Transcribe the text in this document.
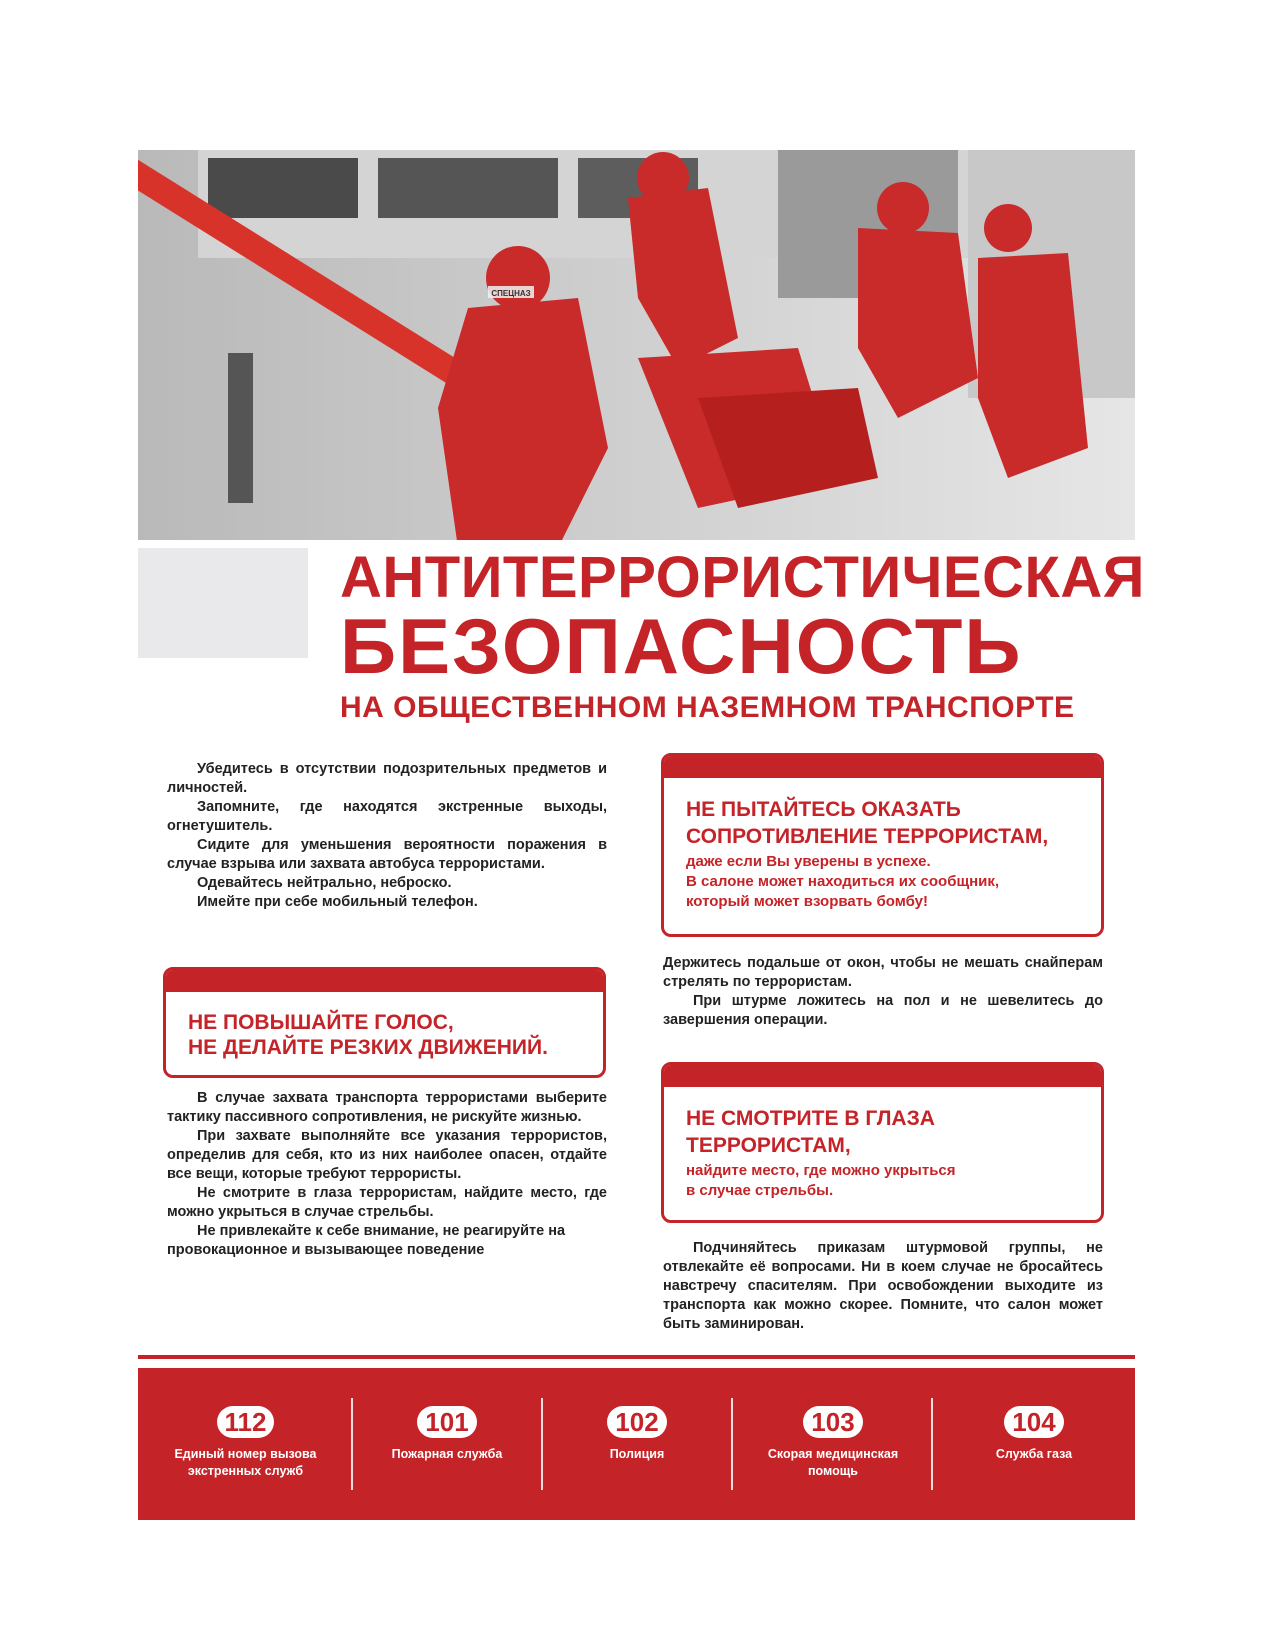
СПЕЦНАЗ
АНТИТЕРРОРИСТИЧЕСКАЯ
БЕЗОПАСНОСТЬ
НА ОБЩЕСТВЕННОМ НАЗЕМНОМ ТРАНСПОРТЕ

Убедитесь в отсутствии подозрительных предметов и личностей.

Запомните, где находятся экстренные выходы, огнетушитель.

Сидите для уменьшения вероятности поражения в случае взрыва или захвата автобуса террористами.

Одевайтесь нейтрально, неброско.

Имейте при себе мобильный телефон.

НЕ ПОВЫШАЙТЕ ГОЛОС,
НЕ ДЕЛАЙТЕ РЕЗКИХ ДВИЖЕНИЙ.

В случае захвата транспорта террористами выберите тактику пассивного сопротивления, не рискуйте жизнью.

При захвате выполняйте все указания террористов, определив для себя, кто из них наиболее опасен, отдайте все вещи, которые требуют террористы.

Не смотрите в глаза террористам, найдите место, где можно укрыться в случае стрельбы.

Не привлекайте к себе внимание, не реагируйте на провокационное и вызывающее поведение

НЕ ПЫТАЙТЕСЬ ОКАЗАТЬ
СОПРОТИВЛЕНИЕ ТЕРРОРИСТАМ,
даже если Вы уверены в успехе.
В салоне может находиться их сообщник,
который может взорвать бомбу!

Держитесь подальше от окон, чтобы не мешать снайперам стрелять по террористам.

При штурме ложитесь на пол и не шевелитесь до завершения операции.

НЕ СМОТРИТЕ В ГЛАЗА
ТЕРРОРИСТАМ,
найдите место, где можно укрыться
в случае стрельбы.

Подчиняйтесь приказам штурмовой группы, не отвлекайте её вопросами. Ни в коем случае не бросайтесь навстречу спасителям. При освобождении выходите из транспорта как можно скорее. Помните, что салон может быть заминирован.

112
Единый номер вызова
экстренных служб
101
Пожарная служба
102
Полиция
103
Скорая медицинская
помощь
104
Служба газа
